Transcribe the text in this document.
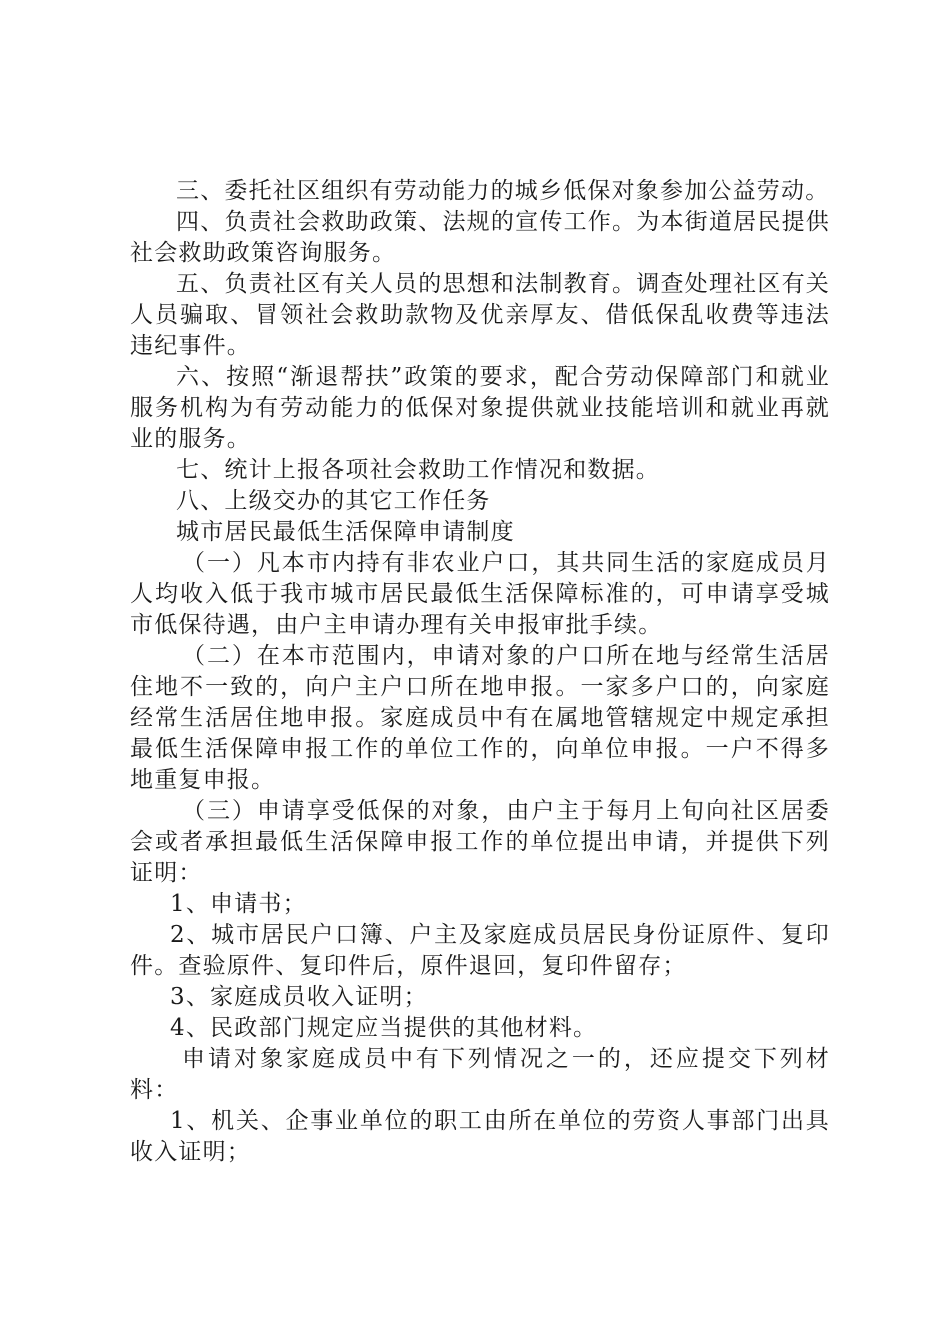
三、委托社区组织有劳动能力的城乡低保对象参加公益劳动。

四、负责社会救助政策、法规的宣传工作。为本街道居民提供社会救助政策咨询服务。

五、负责社区有关人员的思想和法制教育。调查处理社区有关人员骗取、冒领社会救助款物及优亲厚友、借低保乱收费等违法违纪事件。

六、按照“渐退帮扶”政策的要求，配合劳动保障部门和就业服务机构为有劳动能力的低保对象提供就业技能培训和就业再就业的服务。

七、统计上报各项社会救助工作情况和数据。

八、上级交办的其它工作任务

城市居民最低生活保障申请制度

（一）凡本市内持有非农业户口，其共同生活的家庭成员月人均收入低于我市城市居民最低生活保障标准的，可申请享受城市低保待遇，由户主申请办理有关申报审批手续。

（二）在本市范围内，申请对象的户口所在地与经常生活居住地不一致的，向户主户口所在地申报。一家多户口的，向家庭经常生活居住地申报。家庭成员中有在属地管辖规定中规定承担最低生活保障申报工作的单位工作的，向单位申报。一户不得多地重复申报。

（三）申请享受低保的对象，由户主于每月上旬向社区居委会或者承担最低生活保障申报工作的单位提出申请，并提供下列证明：

1、申请书；

2、城市居民户口簿、户主及家庭成员居民身份证原件、复印件。查验原件、复印件后，原件退回，复印件留存；

3、家庭成员收入证明；

4、民政部门规定应当提供的其他材料。

申请对象家庭成员中有下列情况之一的，还应提交下列材料：

1、机关、企事业单位的职工由所在单位的劳资人事部门出具收入证明；
